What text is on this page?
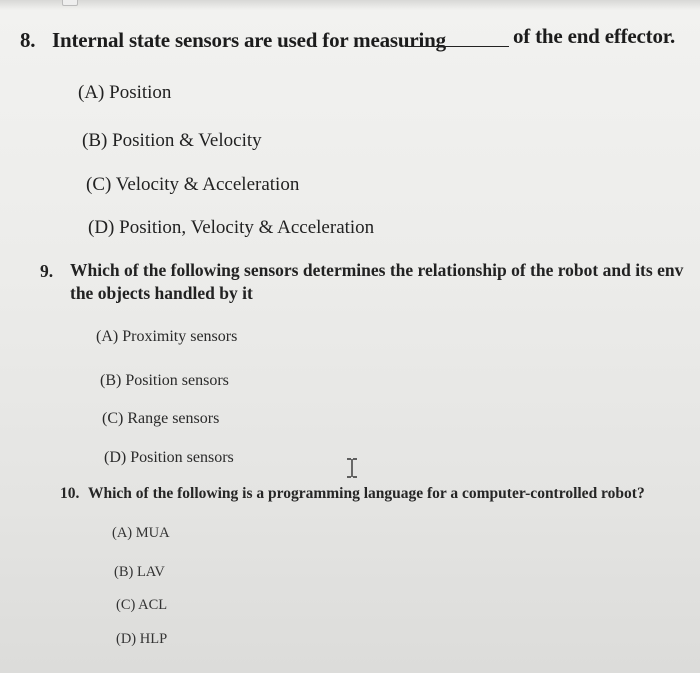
8. Internal state sensors are used for measuring	of the end effector.
(A) Position
(B) Position & Velocity
(C) Velocity & Acceleration
(D) Position, Velocity & Acceleration
9. Which of the following sensors determines the relationship of the robot and its env
the objects handled by it
(A) Proximity sensors
(B) Position sensors
(C) Range sensors
(D) Position sensors
10. Which of the following is a programming language for a computer-controlled robot?
(A) MUA
(B) LAV
(C) ACL
(D) HLP
